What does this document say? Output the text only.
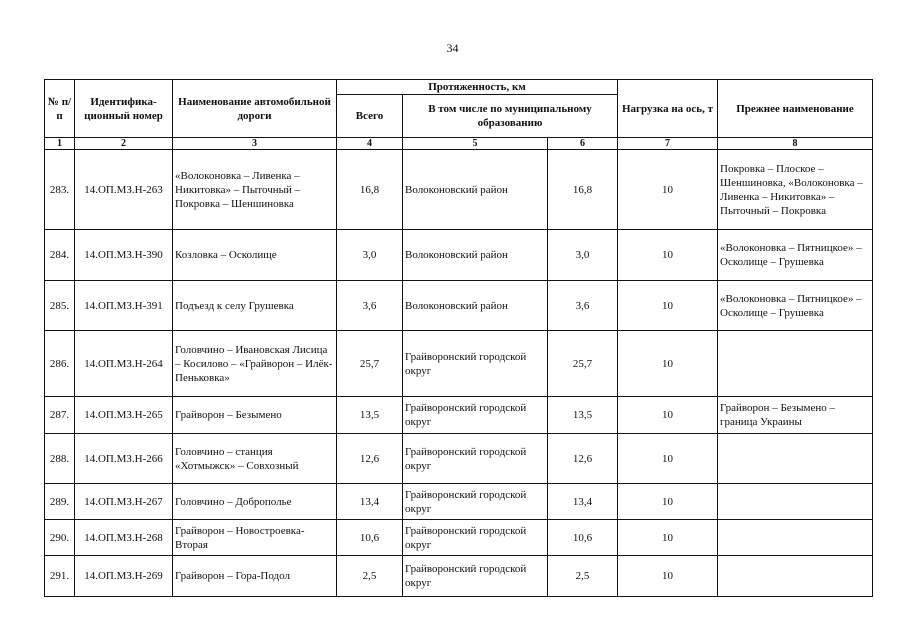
34
№ п/п	Идентифика-ционный номер	Наименование автомобильной дороги	Протяженность, км			Нагрузка на ось, т	Прежнее наименование
			Всего	В том числе по муниципальному образованию			
1	2	3	4	5	6	7	8
283.	14.ОП.МЗ.Н-263	«Волоконовка – Ливенка – Никитовка» – Пыточный – Покровка – Шеншиновка	16,8	Волоконовский район	16,8	10	Покровка – Плоское – Шеншиновка, «Волоконовка – Ливенка – Никитовка» – Пыточный – Покровка
284.	14.ОП.МЗ.Н-390	Козловка – Осколище	3,0	Волоконовский район	3,0	10	«Волоконовка – Пятницкое» – Осколище – Грушевка
285.	14.ОП.МЗ.Н-391	Подъезд к селу Грушевка	3,6	Волоконовский район	3,6	10	«Волоконовка – Пятницкое» – Осколище – Грушевка
286.	14.ОП.МЗ.Н-264	Головчино – Ивановская Лисица – Косилово – «Грайворон – Илёк-Пеньковка»	25,7	Грайворонский городской округ	25,7	10	
287.	14.ОП.МЗ.Н-265	Грайворон – Безымено	13,5	Грайворонский городской округ	13,5	10	Грайворон – Безымено – граница Украины
288.	14.ОП.МЗ.Н-266	Головчино – станция «Хотмыжск» – Совхозный	12,6	Грайворонский городской округ	12,6	10	
289.	14.ОП.МЗ.Н-267	Головчино – Доброполье	13,4	Грайворонский городской округ	13,4	10	
290.	14.ОП.МЗ.Н-268	Грайворон – Новостроевка-Вторая	10,6	Грайворонский городской округ	10,6	10	
291.	14.ОП.МЗ.Н-269	Грайворон – Гора-Подол	2,5	Грайворонский городской округ	2,5	10	
